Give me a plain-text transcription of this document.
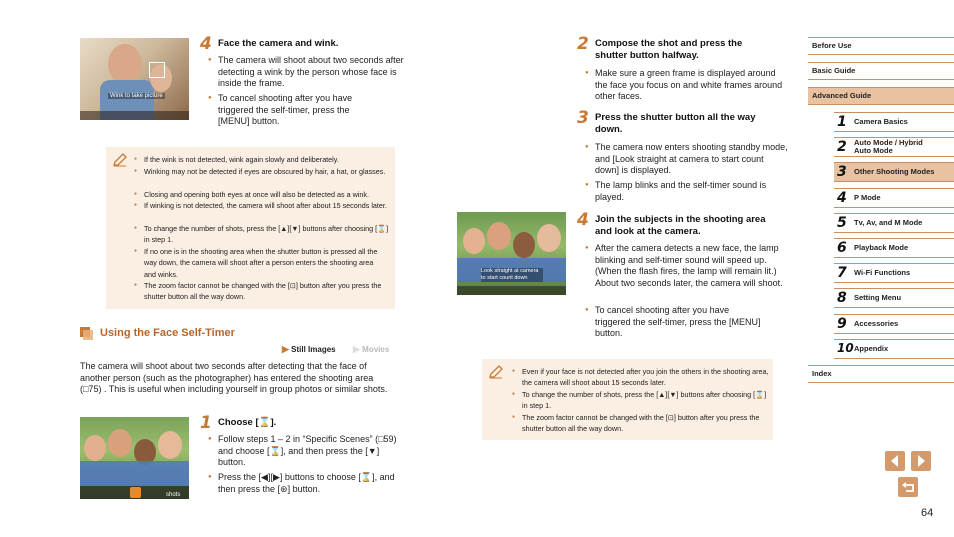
Wink to take picture
4 Face the camera and wink.
● The camera will shoot about two seconds after detecting a wink by the person whose face is inside the frame.
● To cancel shooting after you have triggered the self-timer, press the [MENU] button.
● If the wink is not detected, wink again slowly and deliberately.
● Winking may not be detected if eyes are obscured by hair, a hat, or glasses.
● Closing and opening both eyes at once will also be detected as a wink.
● If winking is not detected, the camera will shoot after about 15 seconds later.
● To change the number of shots, press the [▲][▼] buttons after choosing [⌛] in step 1.
● If no one is in the shooting area when the shutter button is pressed all the way down, the camera will shoot after a person enters the shooting area and winks.
● The zoom factor cannot be changed with the [⊡] button after you press the shutter button all the way down.
Using the Face Self-Timer
▶ Still Images ▶ Movies
The camera will shoot about two seconds after detecting that the face of another person (such as the photographer) has entered the shooting area (□75) . This is useful when including yourself in group photos or similar shots.
shots
1 Choose [⌛].
● Follow steps 1 – 2 in “Specific Scenes” (□59) and choose [⌛], and then press the [▼] button.
● Press the [◀][▶] buttons to choose [⌛], and then press the [⊛] button.
2 Compose the shot and press the shutter button halfway.
● Make sure a green frame is displayed around the face you focus on and white frames around other faces.
3 Press the shutter button all the way down.
● The camera now enters shooting standby mode, and [Look straight at camera to start count down] is displayed.
● The lamp blinks and the self-timer sound is played.
Look straight at camera to start count down
4 Join the subjects in the shooting area and look at the camera.
● After the camera detects a new face, the lamp blinking and self-timer sound will speed up. (When the flash fires, the lamp will remain lit.) About two seconds later, the camera will shoot.
● To cancel shooting after you have triggered the self-timer, press the [MENU] button.
● Even if your face is not detected after you join the others in the shooting area, the camera will shoot about 15 seconds later.
● To change the number of shots, press the [▲][▼] buttons after choosing [⌛] in step 1.
● The zoom factor cannot be changed with the [⊡] button after you press the shutter button all the way down.
Before Use
Basic Guide
Advanced Guide
1 Camera Basics
2 Auto Mode / Hybrid Auto Mode
3 Other Shooting Modes
4 P Mode
5 Tv, Av, and M Mode
6 Playback Mode
7 Wi-Fi Functions
8 Setting Menu
9 Accessories
10 Appendix
Index
64
